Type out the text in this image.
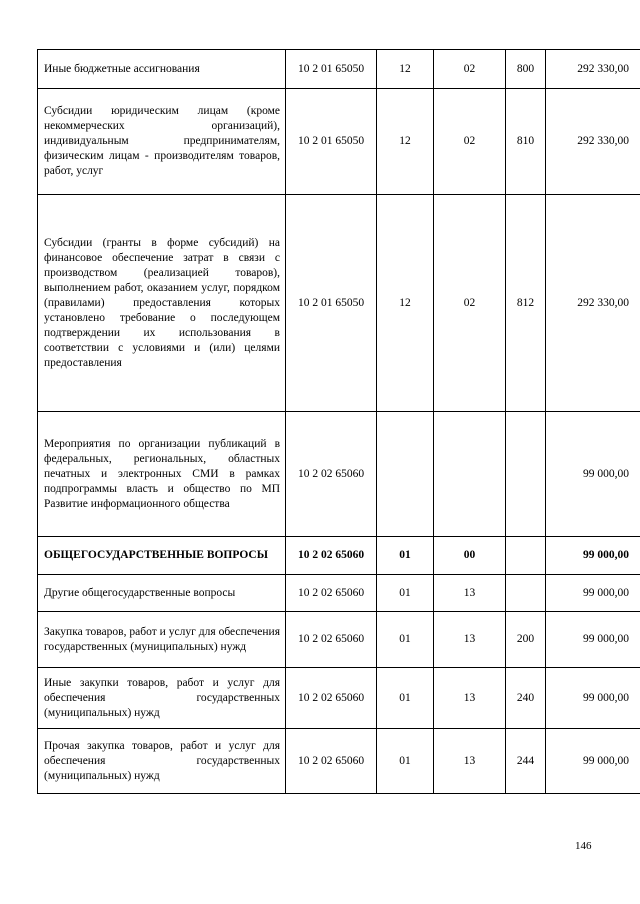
Иные бюджетные ассигнования	10 2 01 65050	12	02	800	292 330,00
Субсидии юридическим лицам (кроме некоммерческих организаций), индивидуальным предпринимателям, физическим лицам - производителям товаров, работ, услуг	10 2 01 65050	12	02	810	292 330,00
Субсидии (гранты в форме субсидий) на финансовое обеспечение затрат в связи с производством (реализацией товаров), выполнением работ, оказанием услуг, порядком (правилами) предоставления которых установлено требование о последующем подтверждении их использования в соответствии с условиями и (или) целями предоставления	10 2 01 65050	12	02	812	292 330,00
Мероприятия по организации публикаций в федеральных, региональных, областных печатных и электронных СМИ в рамках подпрограммы власть и общество по МП Развитие информационного общества	10 2 02 65060				99 000,00
ОБЩЕГОСУДАРСТВЕННЫЕ ВОПРОСЫ	10 2 02 65060	01	00		99 000,00
Другие общегосударственные вопросы	10 2 02 65060	01	13		99 000,00
Закупка товаров, работ и услуг для обеспечения государственных (муниципальных) нужд	10 2 02 65060	01	13	200	99 000,00
Иные закупки товаров, работ и услуг для обеспечения государственных (муниципальных) нужд	10 2 02 65060	01	13	240	99 000,00
Прочая закупка товаров, работ и услуг для обеспечения государственных (муниципальных) нужд	10 2 02 65060	01	13	244	99 000,00
146
